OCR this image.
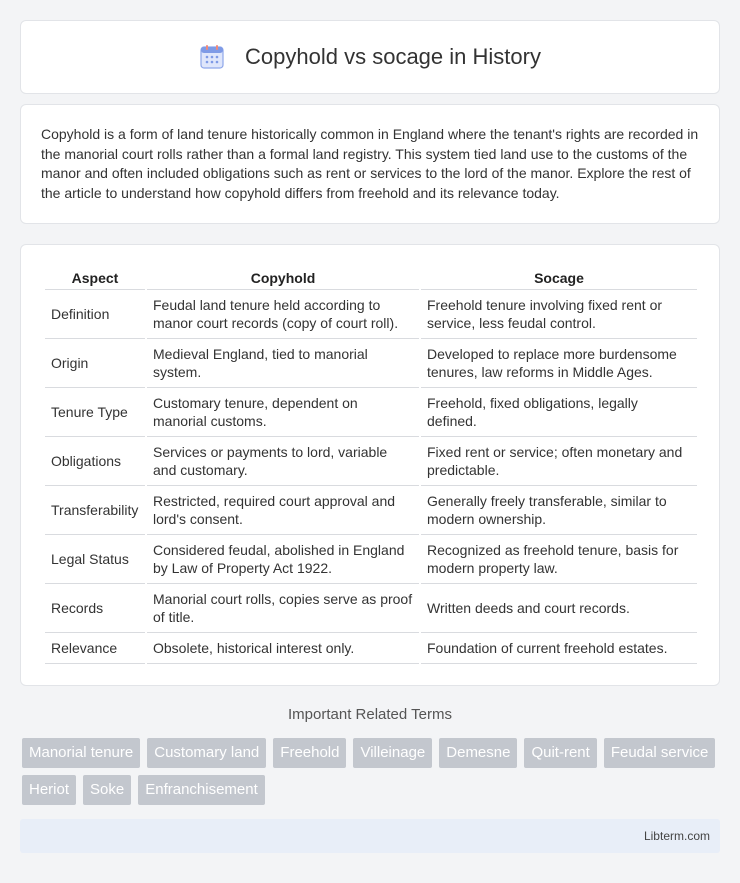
Copyhold vs socage in History

Copyhold is a form of land tenure historically common in England where the tenant's rights are recorded in the manorial court rolls rather than a formal land registry. This system tied land use to the customs of the manor and often included obligations such as rent or services to the lord of the manor. Explore the rest of the article to understand how copyhold differs from freehold and its relevance today.

Aspect	Copyhold	Socage
Definition	Feudal land tenure held according to manor court records (copy of court roll).	Freehold tenure involving fixed rent or service, less feudal control.
Origin	Medieval England, tied to manorial system.	Developed to replace more burdensome tenures, law reforms in Middle Ages.
Tenure Type	Customary tenure, dependent on manorial customs.	Freehold, fixed obligations, legally defined.
Obligations	Services or payments to lord, variable and customary.	Fixed rent or service; often monetary and predictable.
Transferability	Restricted, required court approval and lord's consent.	Generally freely transferable, similar to modern ownership.
Legal Status	Considered feudal, abolished in England by Law of Property Act 1922.	Recognized as freehold tenure, basis for modern property law.
Records	Manorial court rolls, copies serve as proof of title.	Written deeds and court records.
Relevance	Obsolete, historical interest only.	Foundation of current freehold estates.
Important Related Terms
Manorial tenure	Customary land	Freehold	Villeinage	Demesne	Quit-rent	Feudal service
Heriot	Soke	Enfranchisement
Libterm.com
